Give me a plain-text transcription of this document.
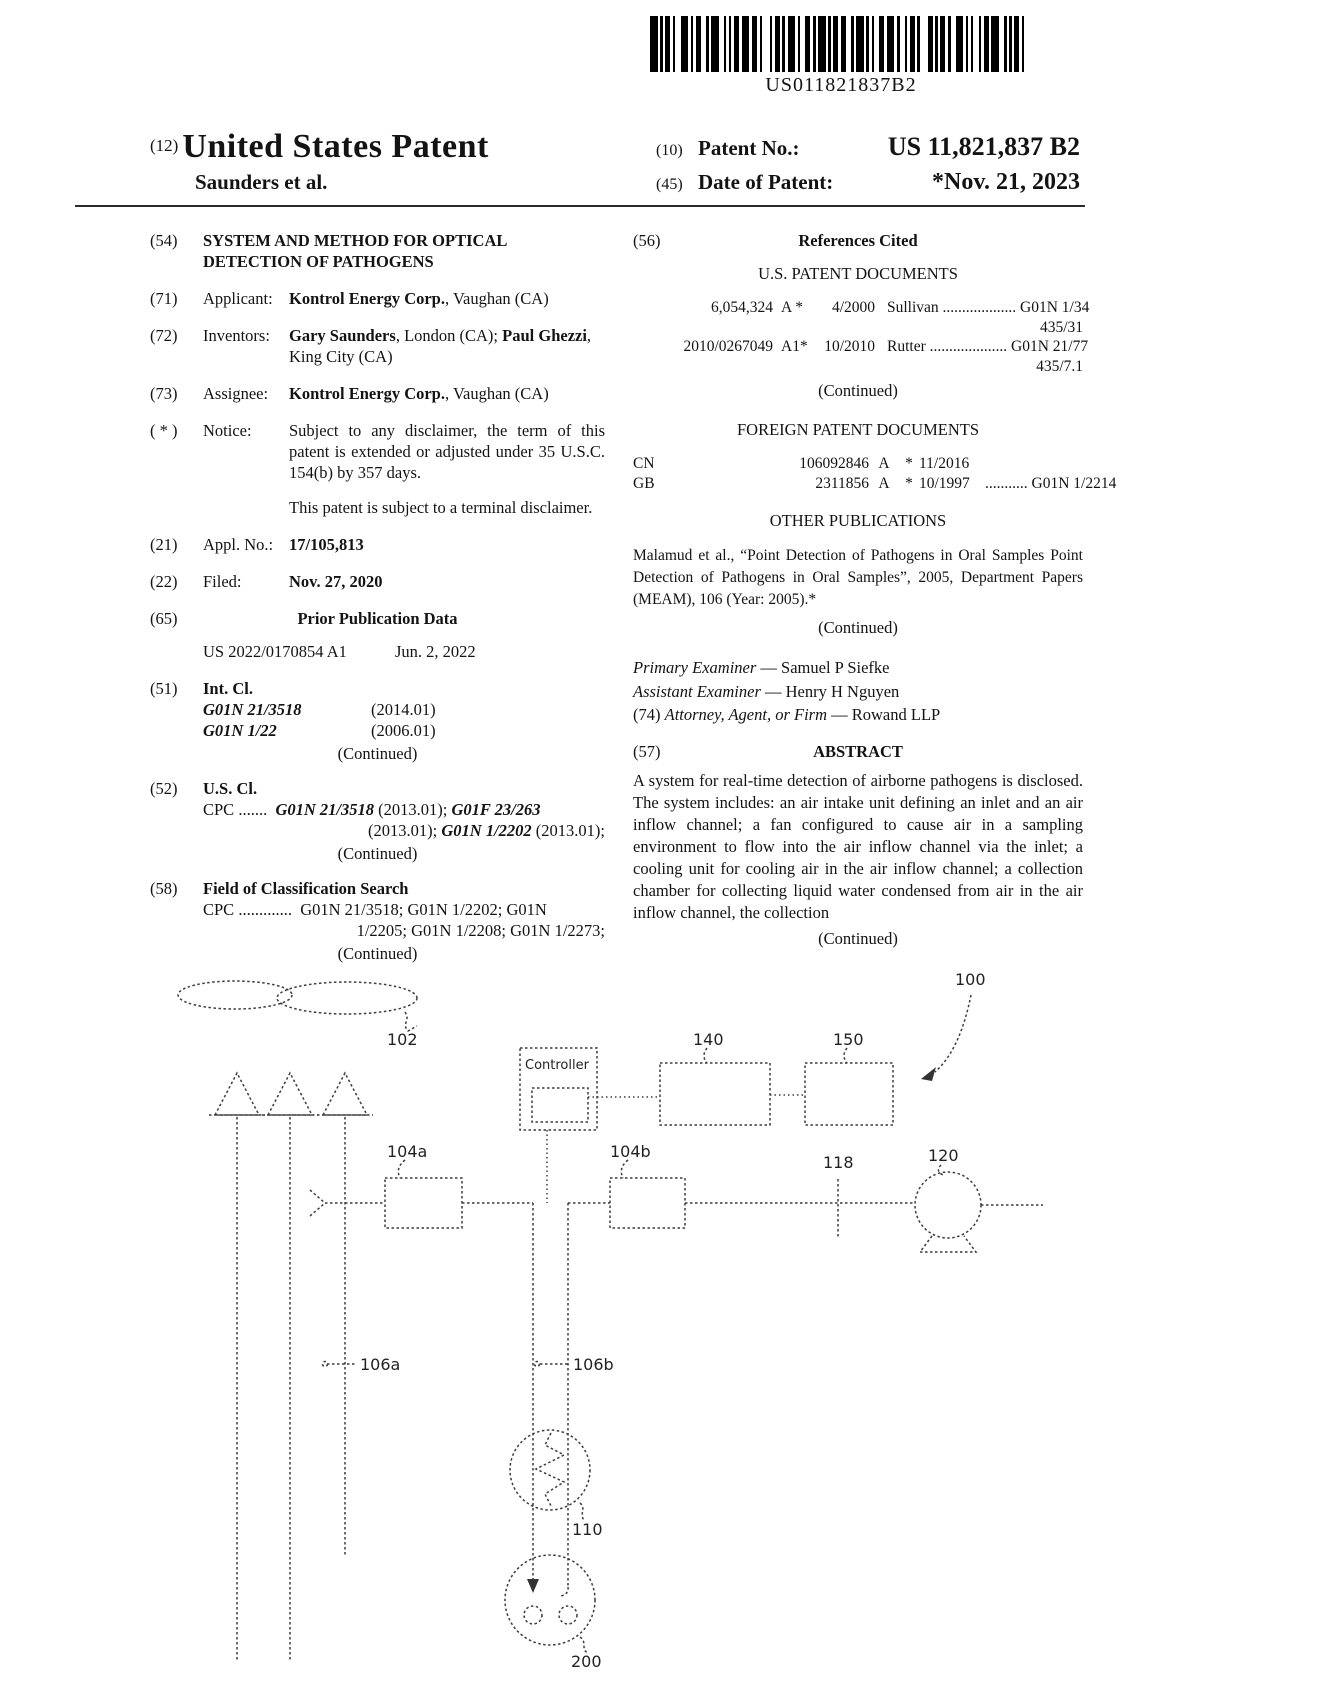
US011821837B2
(12) United States Patent
Saunders et al.
(10) Patent No.:	US 11,821,837 B2
(45) Date of Patent:	*Nov. 21, 2023
(54)	SYSTEM AND METHOD FOR OPTICAL DETECTION OF PATHOGENS
(71)	Applicant: Kontrol Energy Corp., Vaughan (CA)
(72)	Inventors:	Gary Saunders, London (CA); Paul Ghezzi, King City (CA)
(73)	Assignee:	Kontrol Energy Corp., Vaughan (CA)
( * )	Notice:	Subject to any disclaimer, the term of this patent is extended or adjusted under 35 U.S.C. 154(b) by 357 days.
This patent is subject to a terminal disclaimer.
(21)	Appl. No.: 17/105,813
(22)	Filed:	Nov. 27, 2020
(65)	Prior Publication Data
US 2022/0170854 A1	Jun. 2, 2022
(51)	Int. Cl.
G01N 21/3518	(2014.01)
G01N 1/22	(2006.01)
(Continued)
(52)	U.S. Cl.
CPC ....... G01N 21/3518 (2013.01); G01F 23/263
(2013.01); G01N 1/2202 (2013.01);
(Continued)
(58)	Field of Classification Search
CPC ............. G01N 21/3518; G01N 1/2202; G01N
1/2205; G01N 1/2208; G01N 1/2273;
(Continued)
(56)	References Cited
U.S. PATENT DOCUMENTS
6,054,324 A *	4/2000 Sullivan ................... G01N 1/34
435/31
2010/0267049 A1*	10/2010 Rutter .................... G01N 21/77
435/7.1
(Continued)
FOREIGN PATENT DOCUMENTS
CN	106092846 A	* 11/2016
GB	2311856 A	* 10/1997 ........... G01N 1/2214
OTHER PUBLICATIONS
Malamud et al., “Point Detection of Pathogens in Oral Samples Point Detection of Pathogens in Oral Samples”, 2005, Department Papers (MEAM), 106 (Year: 2005).*
(Continued)
Primary Examiner — Samuel P Siefke
Assistant Examiner — Henry H Nguyen
(74) Attorney, Agent, or Firm — Rowand LLP
(57)	ABSTRACT
A system for real-time detection of airborne pathogens is disclosed. The system includes: an air intake unit defining an inlet and an air inflow channel; a fan configured to cause air in a sampling environment to flow into the air inflow channel via the inlet; a cooling unit for cooling air in the air inflow channel; a collection chamber for collecting liquid water condensed from air in the air inflow channel, the collection
(Continued)
102
100
Controller
140	150
104a	104b
118	120
106a	106b
110
200
